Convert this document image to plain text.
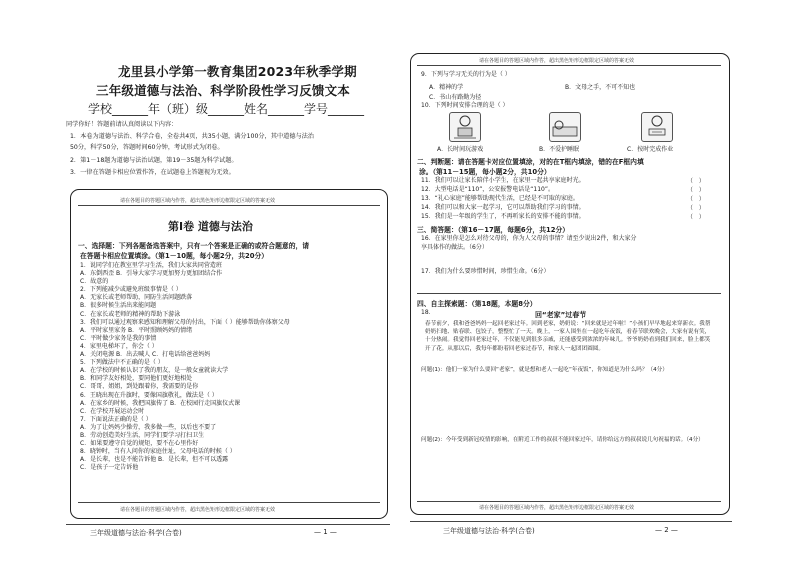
龙里县小学第一教育集团2023年秋季学期
三年级道德与法治、科学阶段性学习反馈文本
学校______年（班）级______姓名______学号______
同学你好！答题前请认真阅读以下内容：
1．本卷为道德与法治、科学合卷，全卷共4页，共35小题，满分100分，其中道德与法治
50分，科学50分，答题时间60分钟，考试形式为闭卷。
2．第1－18题为道德与法治试题，第19－35题为科学试题。
3．一律在答题卡相应位置作答，在试题卷上答题视为无效。
请在各题目的答题区域内作答，超出黑色矩形边框限定区域的答案无效
第Ⅰ卷 道德与法治
一、选择题：下列各题备选答案中，只有一个答案是正确的或符合题意的，请
在答题卡相应位置填涂。（第1－10题，每小题2分，共20分）
1．说同学们在教室里学习生活，我们大家共同营造班
A．东倒西歪 B．引导大家学习更加努力更加团结合作
C．故意的
2．下列能减少或避免班级事情是（ ）
A．无家长或老师帮助，同防生活问题跌落
B．很多时候生活出来能问题
C．在家长或老师的精神的帮助下游泳
3．我们可以通过观察来感知和理解父母的付出，下面（ ）能够帮助你体察父母
A．平时家里家务 B．平时照顾妈妈的情绪
C．平时做少家务是我的事情
4．家里电梯坏了，你会（ ）
A．关闭电源 B．出去喊人 C．打电话给爸爸妈妈
5．下列做法中不正确的是（ ）
A．在学校的时候认识了我的朋友，是一般女童就读大学
B．和同学友好相处，要同他们更好地相处
C．哥哥、姐姐，到处跟着你，我需要的是你
6．王晓出现在升旗时，要像国旗敬礼，做法是（ ）
A．在家乡的时候，我把国旗传了 B．在校园行走国旗仪式课
C．在学校开展运动会时
7．下面说法正确的是（ ）
A．为了让妈妈少操劳，我多做一些，以后也不要了
B．劳动创造美好生活，同学们要学习打扫卫生
C．如果要遵守自觉的规矩，要不在心里作好
8．晓钟时，当有人问你的家庭住址，父母电话的时候（ ）
A．是长辈，也是不能告诉他 B．是长辈，但不可以透露
C．是孩子一定告诉他
请在各题目的答题区域内作答，超出黑色矩形边框限定区域的答案无效
三年级道德与法治·科学(合卷)	— 1 —
请在各题目的答题区域内作答，超出黑色矩形边框限定区域的答案无效
9．下列与学习无关的行为是（ ）
A．精神的学	B．文母之手，不可不知也
C．书山有路勤为径
10．下列时间安排合理的是（ ）
A．长时间玩游戏	B．不爱护睡眠	C．按时完成作业
二、判断题：请在答题卡对应位置填涂，对的在T框内填涂，错的在F框内填
涂。（第11－15题，每小题2分，共10分）
11．我们可以让家长陪伴小学生，在家里一起共享家庭时光。
12．大型电话是“110”，公安报警电话是“110”。
13．“礼心家庭”能够帮助现代生活，已经是不可取的家庭。
14．我们可以和大家一起学习，它可以帮助我们学习的事情。
15．我们是一年级的学生了，不再听家长的安排不能的事情。
（   ）
（   ）
（   ）
（   ）
（   ）
三、简答题：（第16－17题，每题6分，共12分）
16．在家里你是怎么对待父母的，你为人父母的事情？请至少说出2件，和大家分
享具体作的做法。（6分）
17．我们为什么要珍惜时间，珍惜生命。（6分）
四、自主探索题：（第18题，本题8分）
18．	回“老家”过春节
春节前夕，我和爸爸妈妈一起回老家过年。回到老家，奶奶说：“回来就是过年啦！”小孩们早早地起来穿新衣。我帮奶奶扫地、贴春联、包饺子，整整忙了一天。晚上，一家人围坐在一起吃年夜饭，看春节联欢晚会，大家有说有笑，十分热闹。我觉得回老家过年，不仅能见到很多亲戚，还能感受到浓浓的年味儿。爷爷奶奶看到我们回来，脸上都笑开了花。从那以后，我每年都盼着回老家过春节，和家人一起团团圆圆。
问题(1)：他们一家为什么要回“老家”，就是想和老人一起吃“年夜饭”，你知道是为什么吗？（4分）
问题(2)：今年受到新冠疫情的影响，在附近工作的叔叔不能回家过年，请你给远方的叔叔说几句祝福的话。（4分）
请在各题目的答题区域内作答，超出黑色矩形边框限定区域的答案无效
三年级道德与法治·科学(合卷)	— 2 —
